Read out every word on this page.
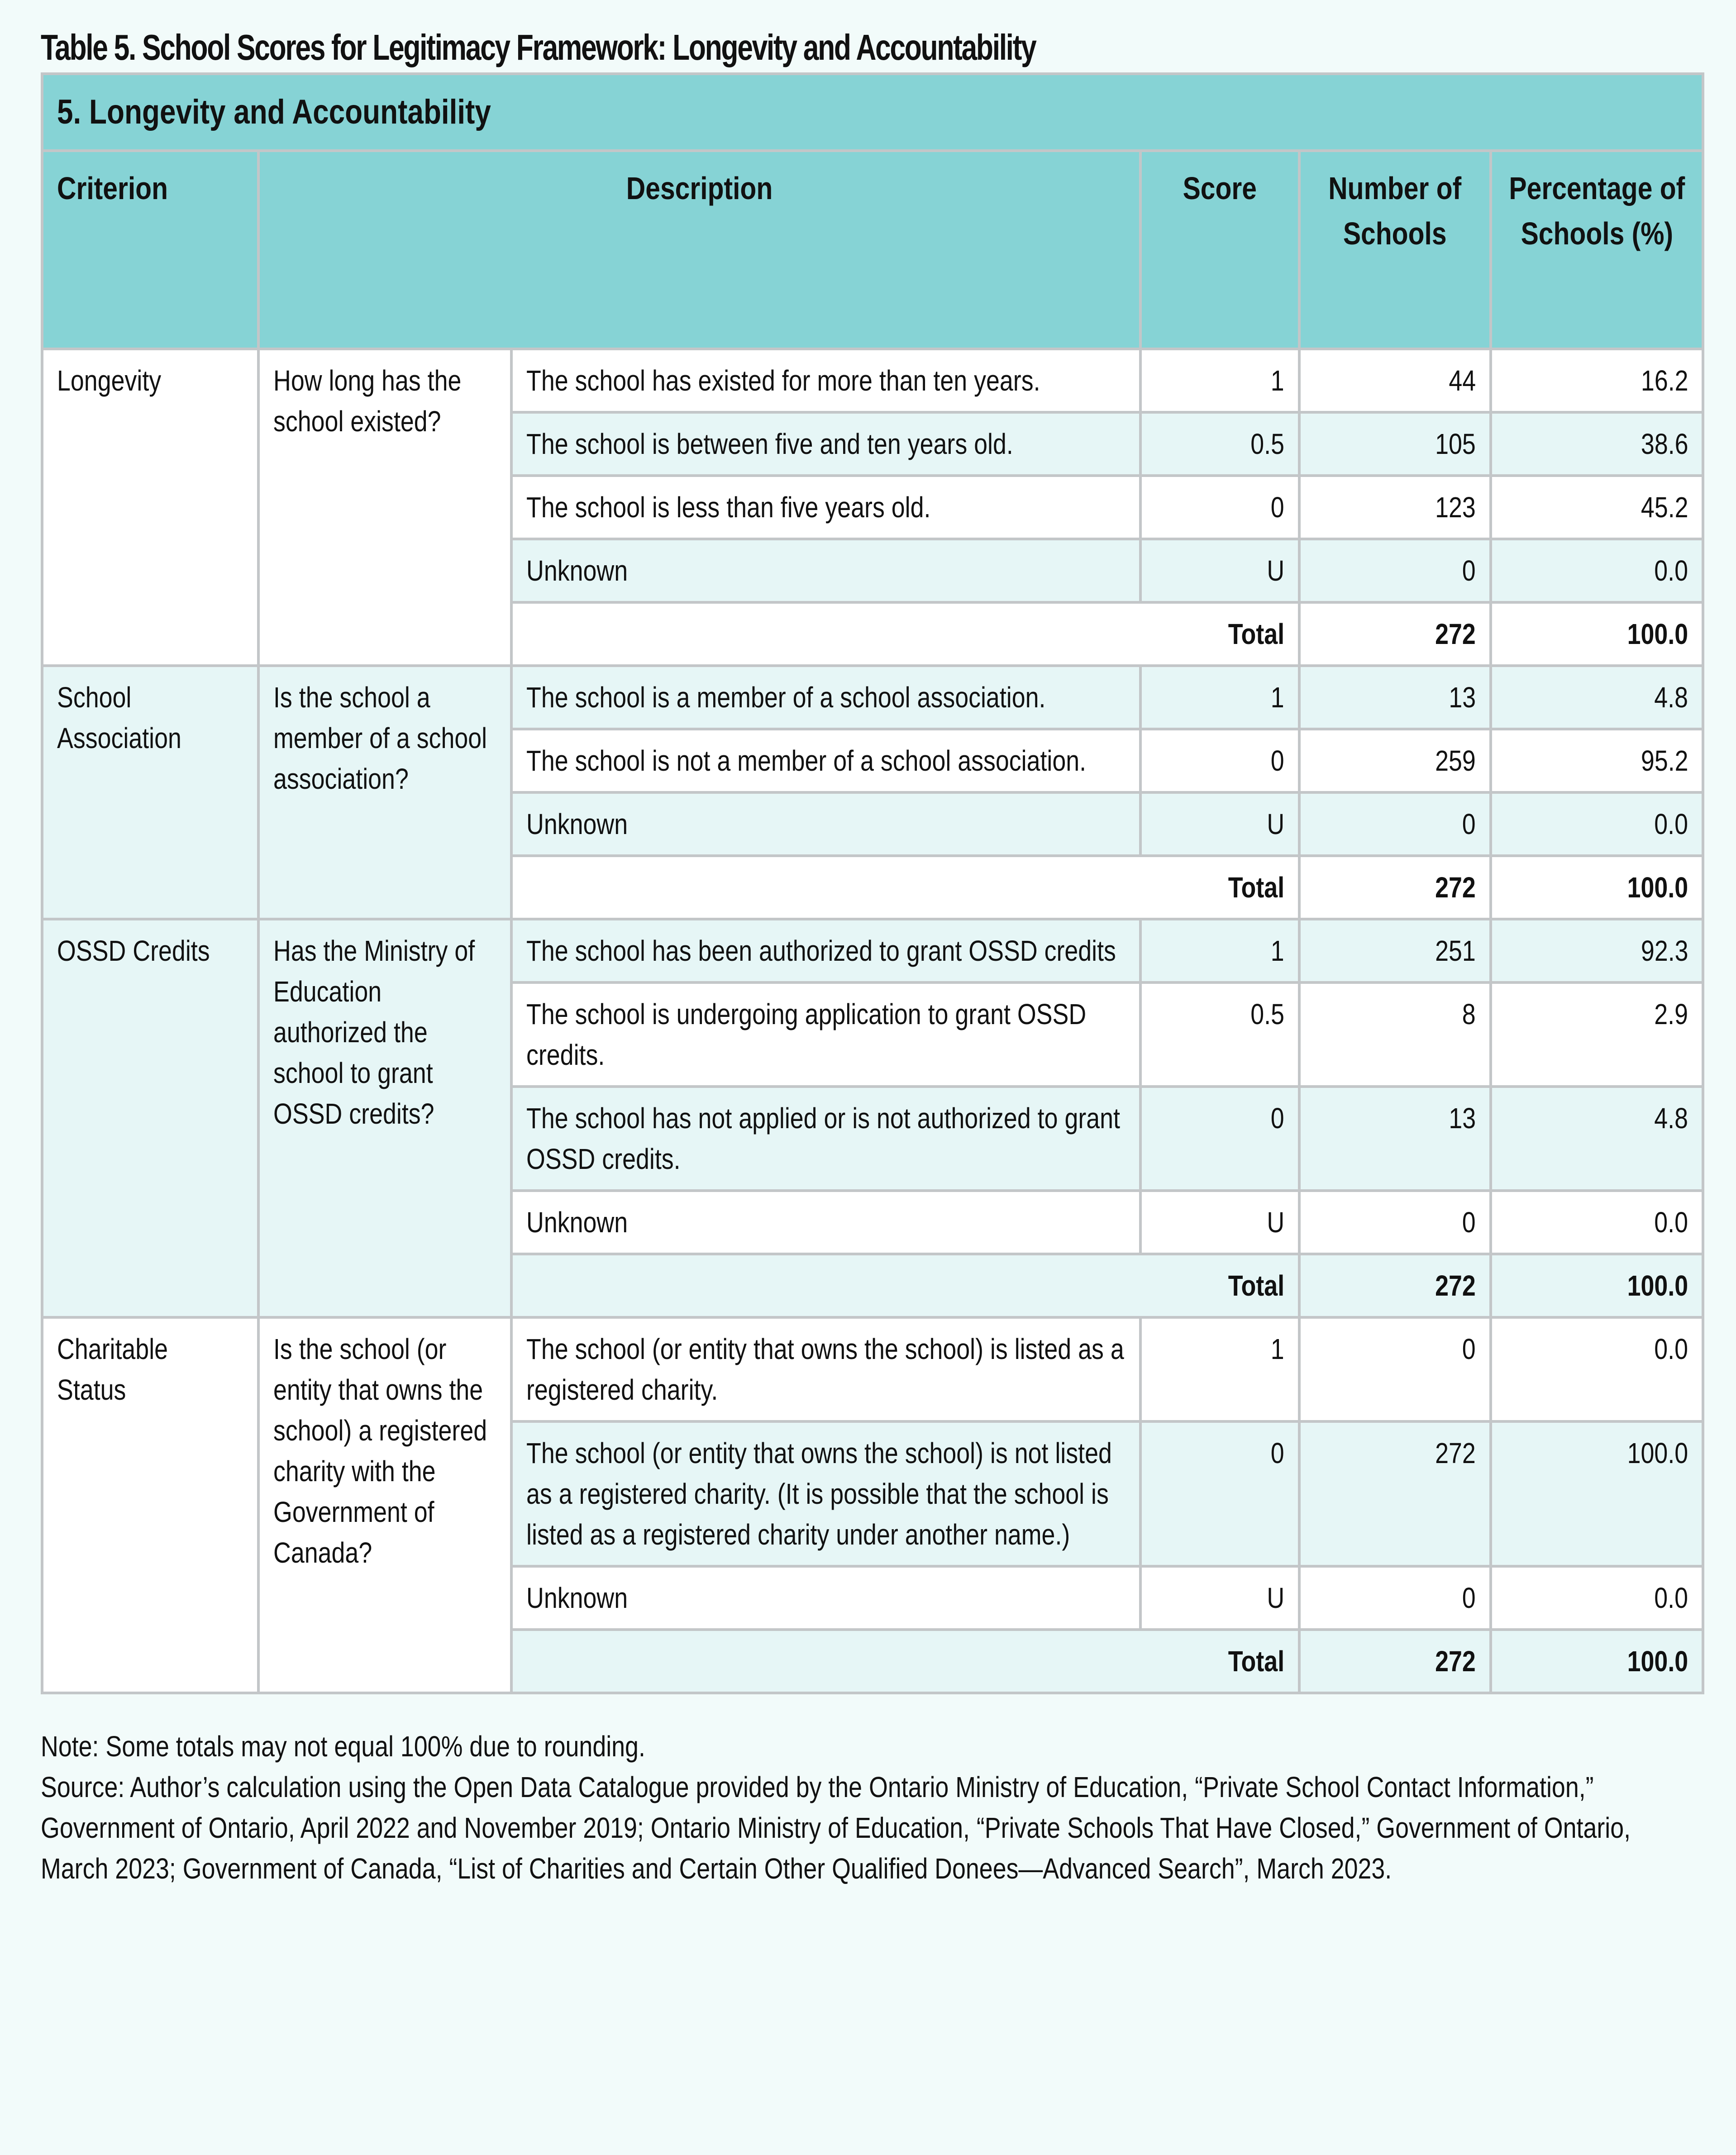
Table 5. School Scores for Legitimacy Framework: Longevity and Accountability
5. Longevity and Accountability					
Criterion	Description		Score	Number of Schools	Percentage of Schools (%)
Longevity	How long has the school existed?	The school has existed for more than ten years.	1	44	16.2
		The school is between five and ten years old.	0.5	105	38.6
		The school is less than five years old.	0	123	45.2
		Unknown	U	0	0.0
		Total		272	100.0
School Association	Is the school a member of a school association?	The school is a member of a school association.	1	13	4.8
		The school is not a member of a school association.	0	259	95.2
		Unknown	U	0	0.0
		Total		272	100.0
OSSD Credits	Has the Ministry of Education authorized the school to grant OSSD credits?	The school has been authorized to grant OSSD credits	1	251	92.3
		The school is undergoing application to grant OSSD credits.	0.5	8	2.9
		The school has not applied or is not authorized to grant OSSD credits.	0	13	4.8
		Unknown	U	0	0.0
		Total		272	100.0
Charitable Status	Is the school (or entity that owns the school) a registered charity with the Government of Canada?	The school (or entity that owns the school) is listed as a registered charity.	1	0	0.0
		The school (or entity that owns the school) is not listed as a registered charity. (It is possible that the school is listed as a registered charity under another name.)	0	272	100.0
		Unknown	U	0	0.0
		Total		272	100.0
Note: Some totals may not equal 100% due to rounding.
Source: Author’s calculation using the Open Data Catalogue provided by the Ontario Ministry of Education, “Private School Contact Information,” Government of Ontario, April 2022 and November 2019; Ontario Ministry of Education, “Private Schools That Have Closed,” Government of Ontario, March 2023; Government of Canada, “List of Charities and Certain Other Qualified Donees—Advanced Search”, March 2023.
